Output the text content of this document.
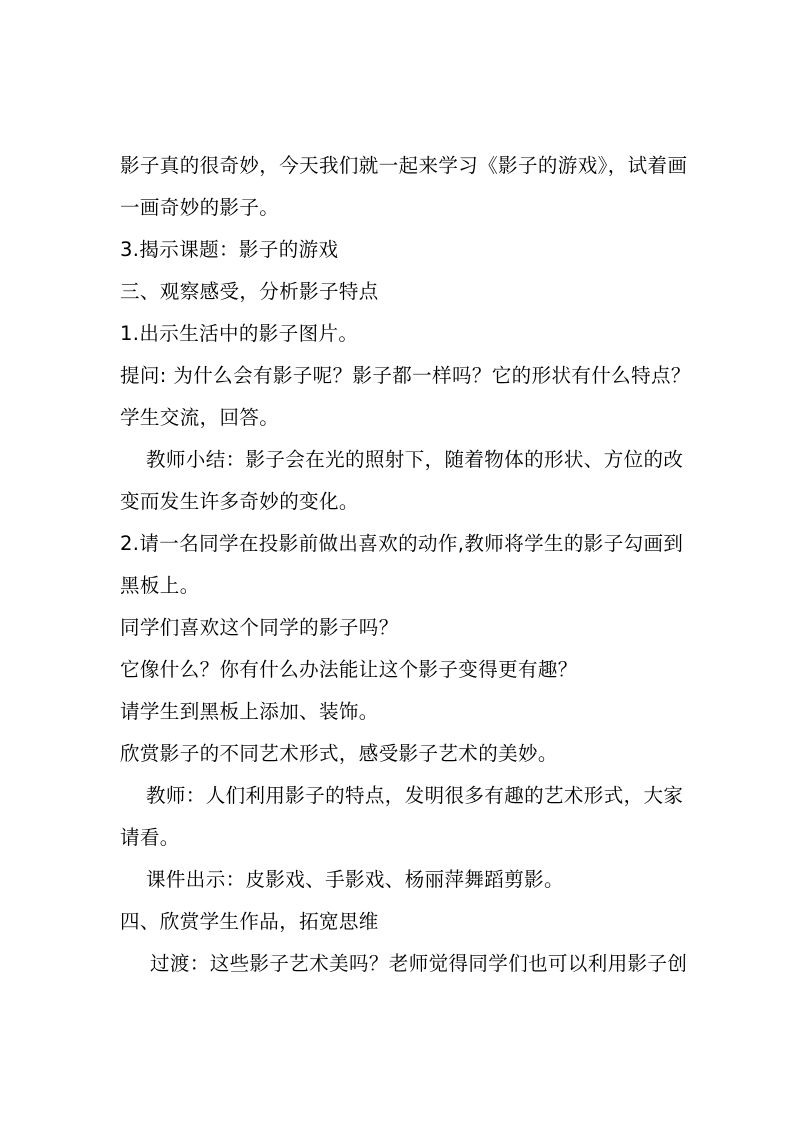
影子真的很奇妙，今天我们就一起来学习《影子的游戏》，试着画
一画奇妙的影子。
3.揭示课题：影子的游戏
三、观察感受，分析影子特点
1.出示生活中的影子图片。
提问: 为什么会有影子呢？影子都一样吗？它的形状有什么特点？
学生交流，回答。
教师小结：影子会在光的照射下，随着物体的形状、方位的改
变而发生许多奇妙的变化。
2.请一名同学在投影前做出喜欢的动作,教师将学生的影子勾画到
黑板上。
同学们喜欢这个同学的影子吗？
它像什么？你有什么办法能让这个影子变得更有趣？
请学生到黑板上添加、装饰。
欣赏影子的不同艺术形式，感受影子艺术的美妙。
教师：人们利用影子的特点，发明很多有趣的艺术形式，大家
请看。
课件出示：皮影戏、手影戏、杨丽萍舞蹈剪影。
四、欣赏学生作品，拓宽思维
过渡：这些影子艺术美吗？老师觉得同学们也可以利用影子创
